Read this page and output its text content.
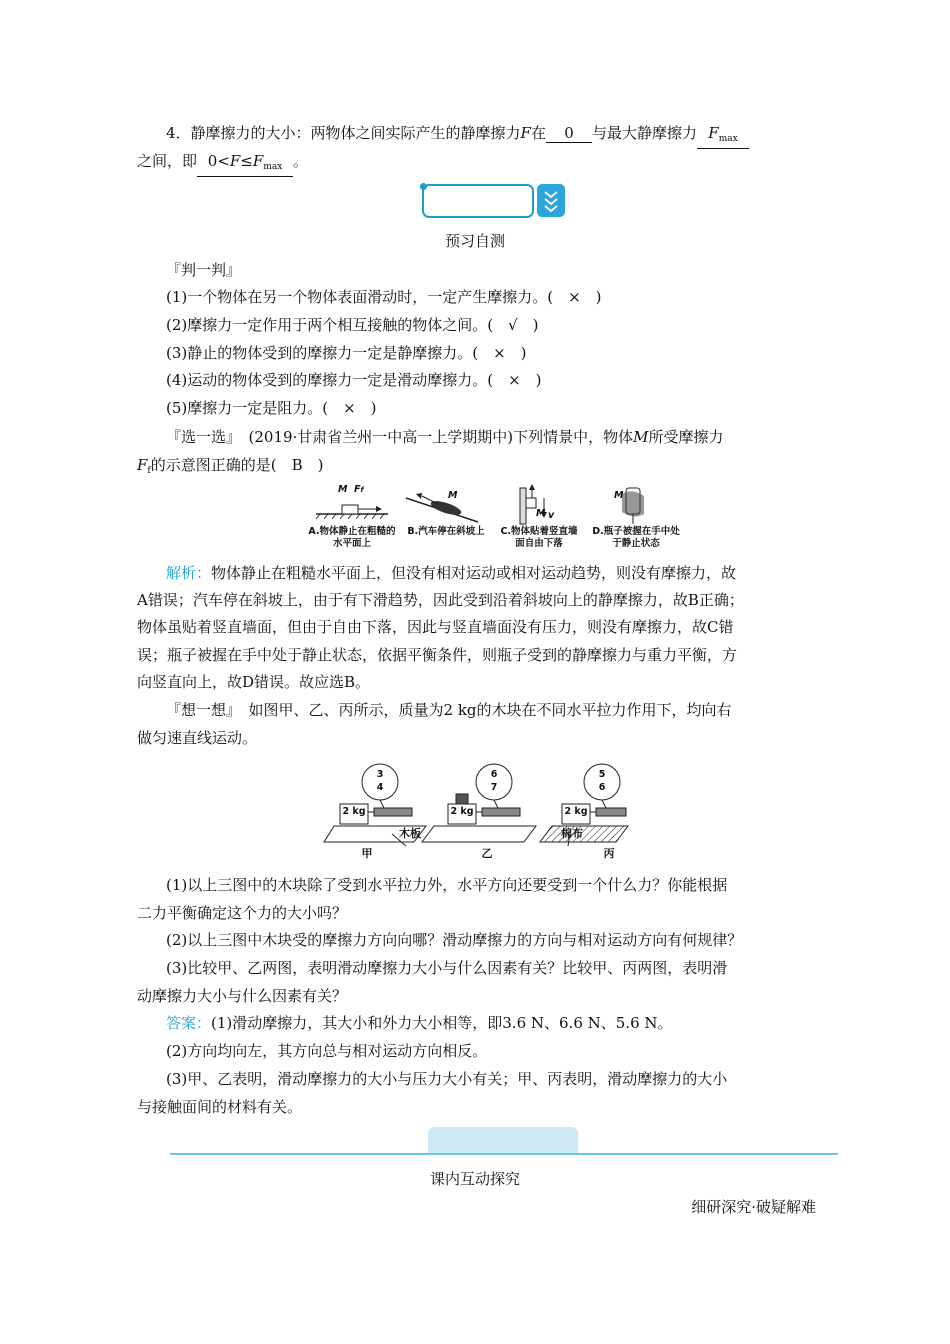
4．静摩擦力的大小：两物体之间实际产生的静摩擦力F在 0 与最大静摩擦力 $F_{max}$
之间，即 $0<F\le F_{max}$ 。
预习自测
『判一判』
(1)一个物体在另一个物体表面滑动时，一定产生摩擦力。(　×　)
(2)摩擦力一定作用于两个相互接触的物体之间。(　√　)
(3)静止的物体受到的摩擦力一定是静摩擦力。(　×　)
(4)运动的物体受到的摩擦力一定是滑动摩擦力。(　×　)
(5)摩擦力一定是阻力。(　×　)
『选一选』　(2019·甘肃省兰州一中高一上学期期中)下列情景中，物体M所受摩擦力
$F_f$的示意图正确的是(　B　)
M Ff	M
M v
M
A.物体静止在粗糙的水平面上
B.汽车停在斜坡上	C.物体贴着竖直墙面自由下落
D.瓶子被握在手中处于静止状态
解析：物体静止在粗糙水平面上，但没有相对运动或相对运动趋势，则没有摩擦力，故
A错误；汽车停在斜坡上，由于有下滑趋势，因此受到沿着斜坡向上的静摩擦力，故B正确；
物体虽贴着竖直墙面，但由于自由下落，因此与竖直墙面没有压力，则没有摩擦力，故C错
误；瓶子被握在手中处于静止状态，依据平衡条件，则瓶子受到的静摩擦力与重力平衡，方
向竖直向上，故D错误。故应选B。
『想一想』　如图甲、乙、丙所示，质量为2 kg的木块在不同水平拉力作用下，均向右
做匀速直线运动。
2 kg	2 kg	2 kg
3
4
6
7
5
6
木板	棉布
甲	乙	丙
(1)以上三图中的木块除了受到水平拉力外，水平方向还要受到一个什么力？你能根据
二力平衡确定这个力的大小吗？
(2)以上三图中木块受的摩擦力方向向哪？滑动摩擦力的方向与相对运动方向有何规律？
(3)比较甲、乙两图，表明滑动摩擦力大小与什么因素有关？比较甲、丙两图，表明滑
动摩擦力大小与什么因素有关？
答案：(1)滑动摩擦力，其大小和外力大小相等，即3.6 N、6.6 N、5.6 N。
(2)方向均向左，其方向总与相对运动方向相反。
(3)甲、乙表明，滑动摩擦力的大小与压力大小有关；甲、丙表明，滑动摩擦力的大小
与接触面间的材料有关。
课内互动探究
细研深究·破疑解难
